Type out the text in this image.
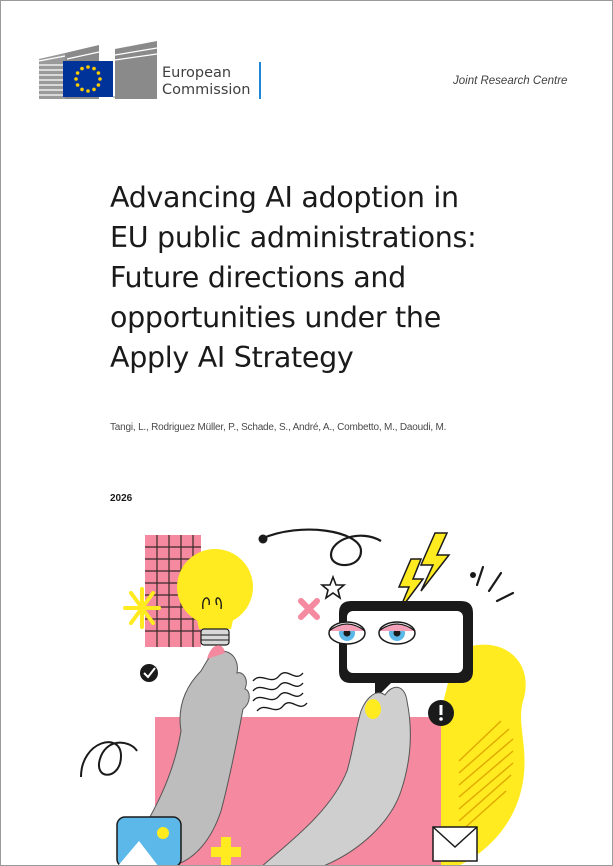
European
Commission
Joint Research Centre
Advancing AI adoption in
EU public administrations:
Future directions and
opportunities under the
Apply AI Strategy
Tangi, L., Rodriguez Müller, P., Schade, S., André, A., Combetto, M., Daoudi, M.
2026
